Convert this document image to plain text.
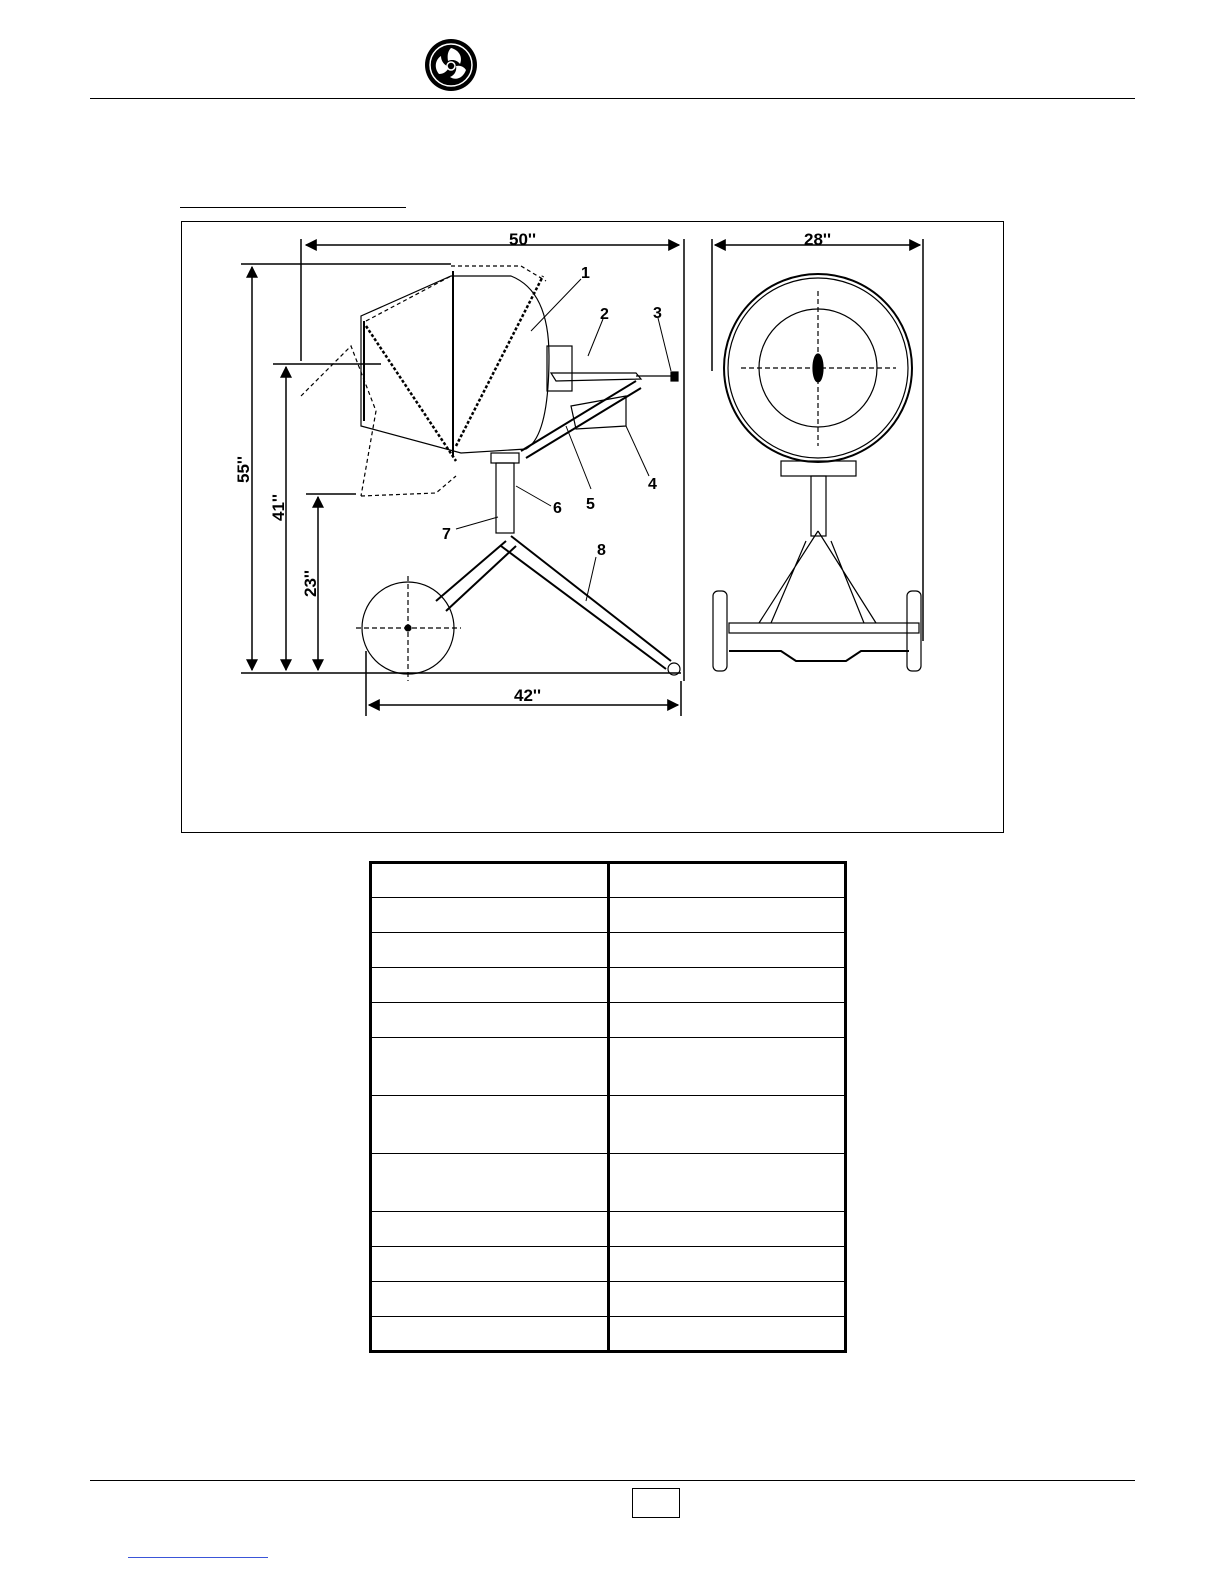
50''	28''
42''
55''
41''
23''
1
2	3
4
5
6
7
8
